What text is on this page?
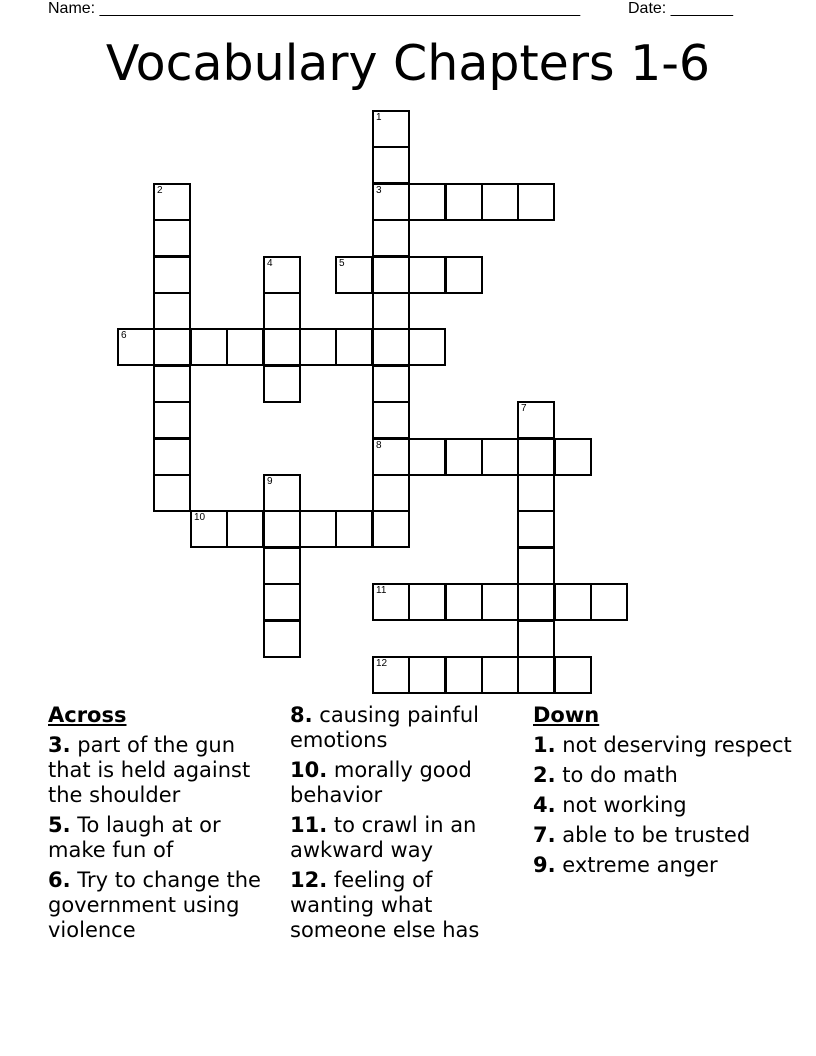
Name: ______________________________________________________	Date: _______
Vocabulary Chapters 1-6
1
3
8
2
4	5
6
7
9
10
11
12
Across
3. part of the gun that is held against the shoulder
5. To laugh at or make fun of
6. Try to change the government using violence
8. causing painful emotions
10. morally good behavior
11. to crawl in an awkward way
12. feeling of wanting what someone else has
Down
1. not deserving respect
2. to do math
4. not working
7. able to be trusted
9. extreme anger
